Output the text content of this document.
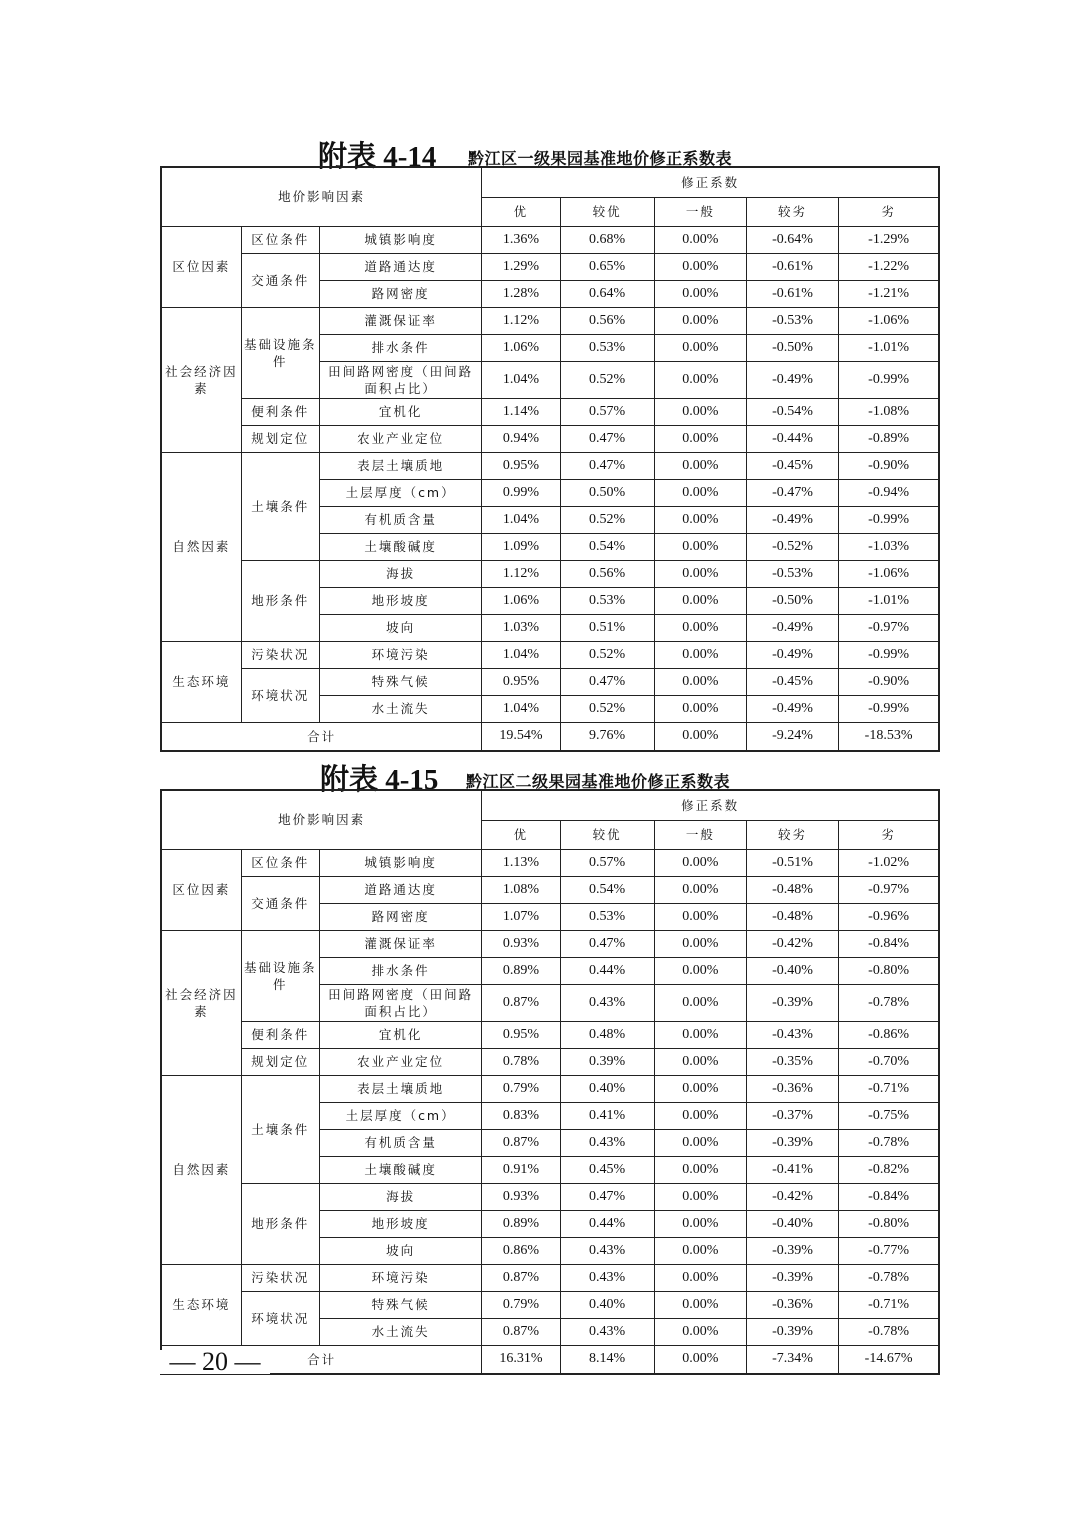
附表 4-14 黔江区一级果园基准地价修正系数表
地价影响因素			修正系数				
			优	较优	一般	较劣	劣
区位因素	区位条件	城镇影响度	1.36%	0.68%	0.00%	-0.64%	-1.29%
	交通条件	道路通达度	1.29%	0.65%	0.00%	-0.61%	-1.22%
		路网密度	1.28%	0.64%	0.00%	-0.61%	-1.21%
社会经济因素	基础设施条件	灌溉保证率	1.12%	0.56%	0.00%	-0.53%	-1.06%
		排水条件	1.06%	0.53%	0.00%	-0.50%	-1.01%
		田间路网密度（田间路面积占比）	1.04%	0.52%	0.00%	-0.49%	-0.99%
	便利条件	宜机化	1.14%	0.57%	0.00%	-0.54%	-1.08%
	规划定位	农业产业定位	0.94%	0.47%	0.00%	-0.44%	-0.89%
自然因素	土壤条件	表层土壤质地	0.95%	0.47%	0.00%	-0.45%	-0.90%
		土层厚度（cm）	0.99%	0.50%	0.00%	-0.47%	-0.94%
		有机质含量	1.04%	0.52%	0.00%	-0.49%	-0.99%
		土壤酸碱度	1.09%	0.54%	0.00%	-0.52%	-1.03%
	地形条件	海拔	1.12%	0.56%	0.00%	-0.53%	-1.06%
		地形坡度	1.06%	0.53%	0.00%	-0.50%	-1.01%
		坡向	1.03%	0.51%	0.00%	-0.49%	-0.97%
生态环境	污染状况	环境污染	1.04%	0.52%	0.00%	-0.49%	-0.99%
	环境状况	特殊气候	0.95%	0.47%	0.00%	-0.45%	-0.90%
		水土流失	1.04%	0.52%	0.00%	-0.49%	-0.99%
合计			19.54%	9.76%	0.00%	-9.24%	-18.53%
附表 4-15 黔江区二级果园基准地价修正系数表
地价影响因素			修正系数				
			优	较优	一般	较劣	劣
区位因素	区位条件	城镇影响度	1.13%	0.57%	0.00%	-0.51%	-1.02%
	交通条件	道路通达度	1.08%	0.54%	0.00%	-0.48%	-0.97%
		路网密度	1.07%	0.53%	0.00%	-0.48%	-0.96%
社会经济因素	基础设施条件	灌溉保证率	0.93%	0.47%	0.00%	-0.42%	-0.84%
		排水条件	0.89%	0.44%	0.00%	-0.40%	-0.80%
		田间路网密度（田间路面积占比）	0.87%	0.43%	0.00%	-0.39%	-0.78%
	便利条件	宜机化	0.95%	0.48%	0.00%	-0.43%	-0.86%
	规划定位	农业产业定位	0.78%	0.39%	0.00%	-0.35%	-0.70%
自然因素	土壤条件	表层土壤质地	0.79%	0.40%	0.00%	-0.36%	-0.71%
		土层厚度（cm）	0.83%	0.41%	0.00%	-0.37%	-0.75%
		有机质含量	0.87%	0.43%	0.00%	-0.39%	-0.78%
		土壤酸碱度	0.91%	0.45%	0.00%	-0.41%	-0.82%
	地形条件	海拔	0.93%	0.47%	0.00%	-0.42%	-0.84%
		地形坡度	0.89%	0.44%	0.00%	-0.40%	-0.80%
		坡向	0.86%	0.43%	0.00%	-0.39%	-0.77%
生态环境	污染状况	环境污染	0.87%	0.43%	0.00%	-0.39%	-0.78%
	环境状况	特殊气候	0.79%	0.40%	0.00%	-0.36%	-0.71%
		水土流失	0.87%	0.43%	0.00%	-0.39%	-0.78%
合计			16.31%	8.14%	0.00%	-7.34%	-14.67%
— 20 —
